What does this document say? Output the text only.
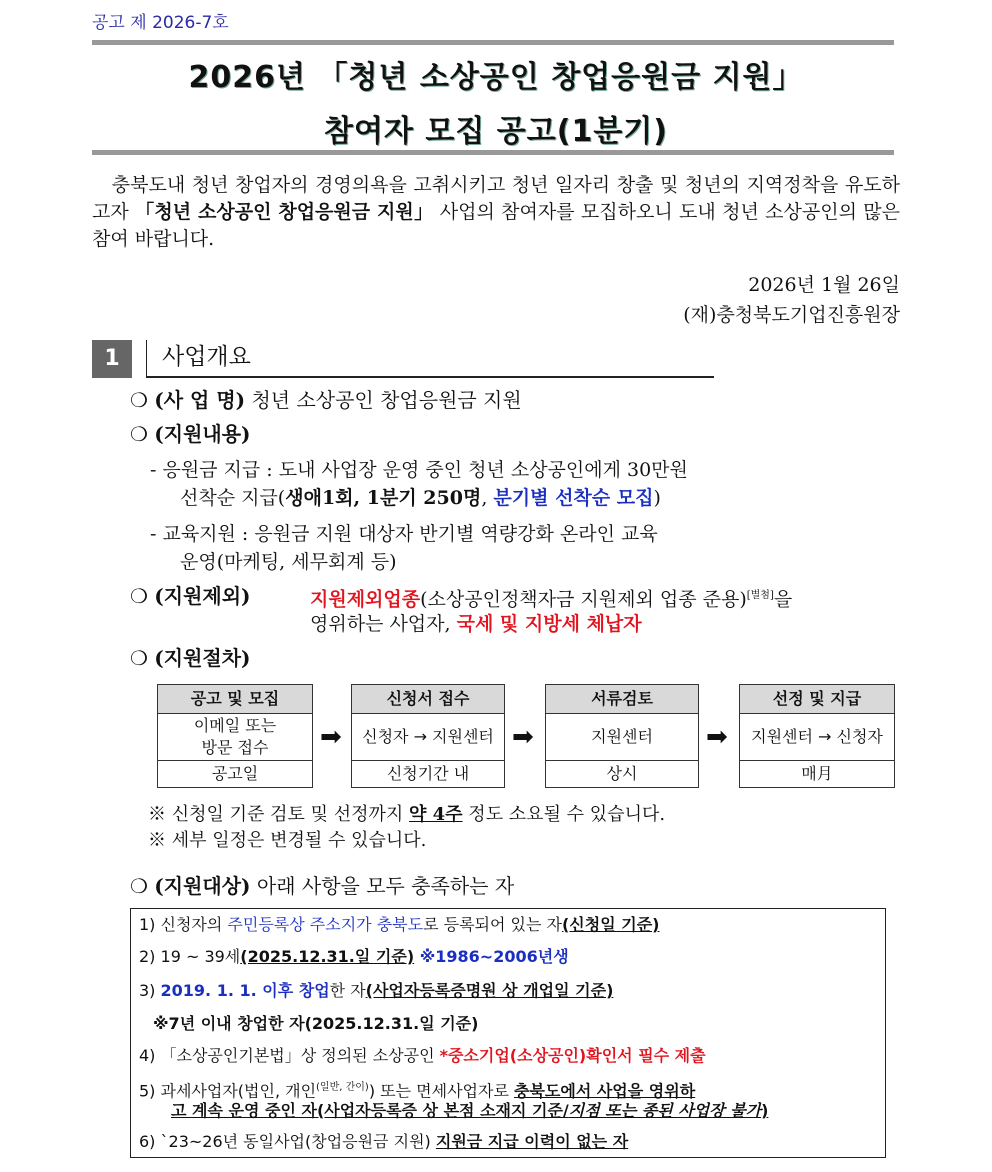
공고 제 2026-7호
2026년 「청년 소상공인 창업응원금 지원」
참여자 모집 공고(1분기)
충북도내 청년 창업자의 경영의욕을 고취시키고 청년 일자리 창출 및 청년의 지역정착을 유도하고자 「청년 소상공인 창업응원금 지원」 사업의 참여자를 모집하오니 도내 청년 소상공인의 많은 참여 바랍니다.
2026년 1월 26일
(재)충청북도기업진흥원장
1	사업개요
❍ (사 업 명) 청년 소상공인 창업응원금 지원
❍ (지원내용)
- 응원금 지급 : 도내 사업장 운영 중인 청년 소상공인에게 30만원
선착순 지급(생애1회, 1분기 250명, 분기별 선착순 모집)
- 교육지원 : 응원금 지원 대상자 반기별 역량강화 온라인 교육
운영(마케팅, 세무회계 등)
❍ (지원제외)	지원제외업종(소상공인정책자금 지원제외 업종 준용)[별첨]을
영위하는 사업자, 국세 및 지방세 체납자
❍ (지원절차)
공고 및 모집
이메일 또는
방문 접수
공고일
➡
신청서 접수
신청자 → 지원센터
신청기간 내
➡
서류검토
지원센터
상시
➡
선정 및 지급
지원센터 → 신청자
매月
※ 신청일 기준 검토 및 선정까지 약 4주 정도 소요될 수 있습니다.
※ 세부 일정은 변경될 수 있습니다.
❍ (지원대상) 아래 사항을 모두 충족하는 자
1) 신청자의 주민등록상 주소지가 충북도로 등록되어 있는 자(신청일 기준)
2) 19 ~ 39세(2025.12.31.일 기준) ※1986~2006년생
3) 2019. 1. 1. 이후 창업한 자(사업자등록증명원 상 개업일 기준)
※7년 이내 창업한 자(2025.12.31.일 기준)
4) 「소상공인기본법」상 정의된 소상공인 *중소기업(소상공인)확인서 필수 제출
5) 과세사업자(법인, 개인$^{(일반, 간이)}$) 또는 면세사업자로 충북도에서 사업을 영위하
고 계속 운영 중인 자(사업자등록증 상 본점 소재지 기준/지점 또는 종된 사업장 불가)
6) `23~26년 동일사업(창업응원금 지원) 지원금 지급 이력이 없는 자
